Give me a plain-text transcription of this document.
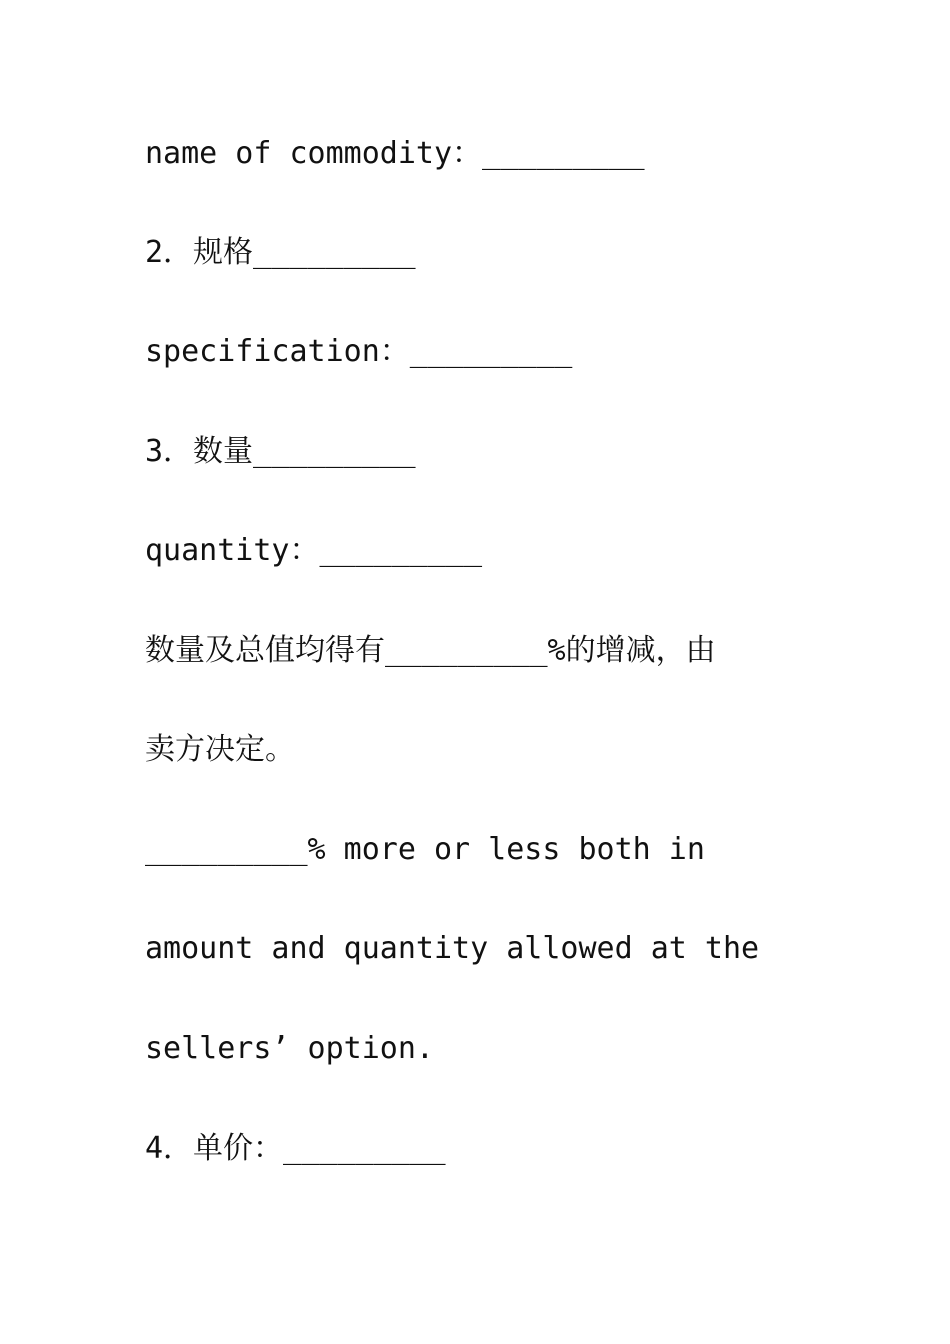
name of commodity：_________
2．规格_________
specification：_________
3．数量_________
quantity：_________
数量及总值均得有_________%的增减，由
卖方决定。
_________% more or less both in
amount and quantity allowed at the
sellers’ option.
4．单价：_________
